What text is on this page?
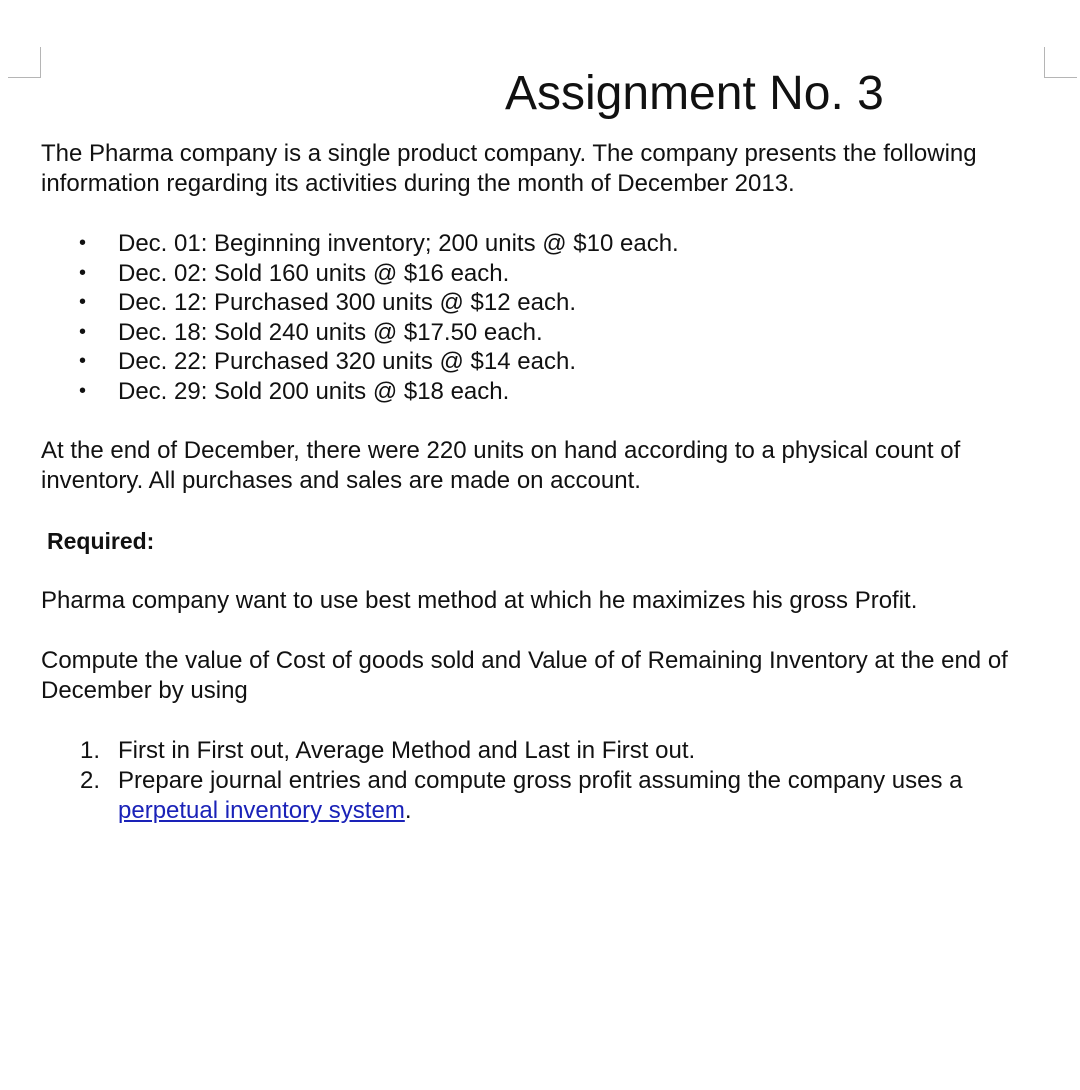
Assignment No. 3

The Pharma company is a single product company. The company presents the following information regarding its activities during the month of December 2013.

• Dec. 01: Beginning inventory; 200 units @ $10 each.
• Dec. 02: Sold 160 units @ $16 each.
• Dec. 12: Purchased 300 units @ $12 each.
• Dec. 18: Sold 240 units @ $17.50 each.
• Dec. 22: Purchased 320 units @ $14 each.
• Dec. 29: Sold 200 units @ $18 each.

At the end of December, there were 220 units on hand according to a physical count of inventory. All purchases and sales are made on account.

Required:

Pharma company want to use best method at which he maximizes his gross Profit.

Compute the value of Cost of goods sold and Value of of Remaining Inventory at the end of December by using

1. First in First out, Average Method and Last in First out.
2. Prepare journal entries and compute gross profit assuming the company uses a perpetual inventory system.
